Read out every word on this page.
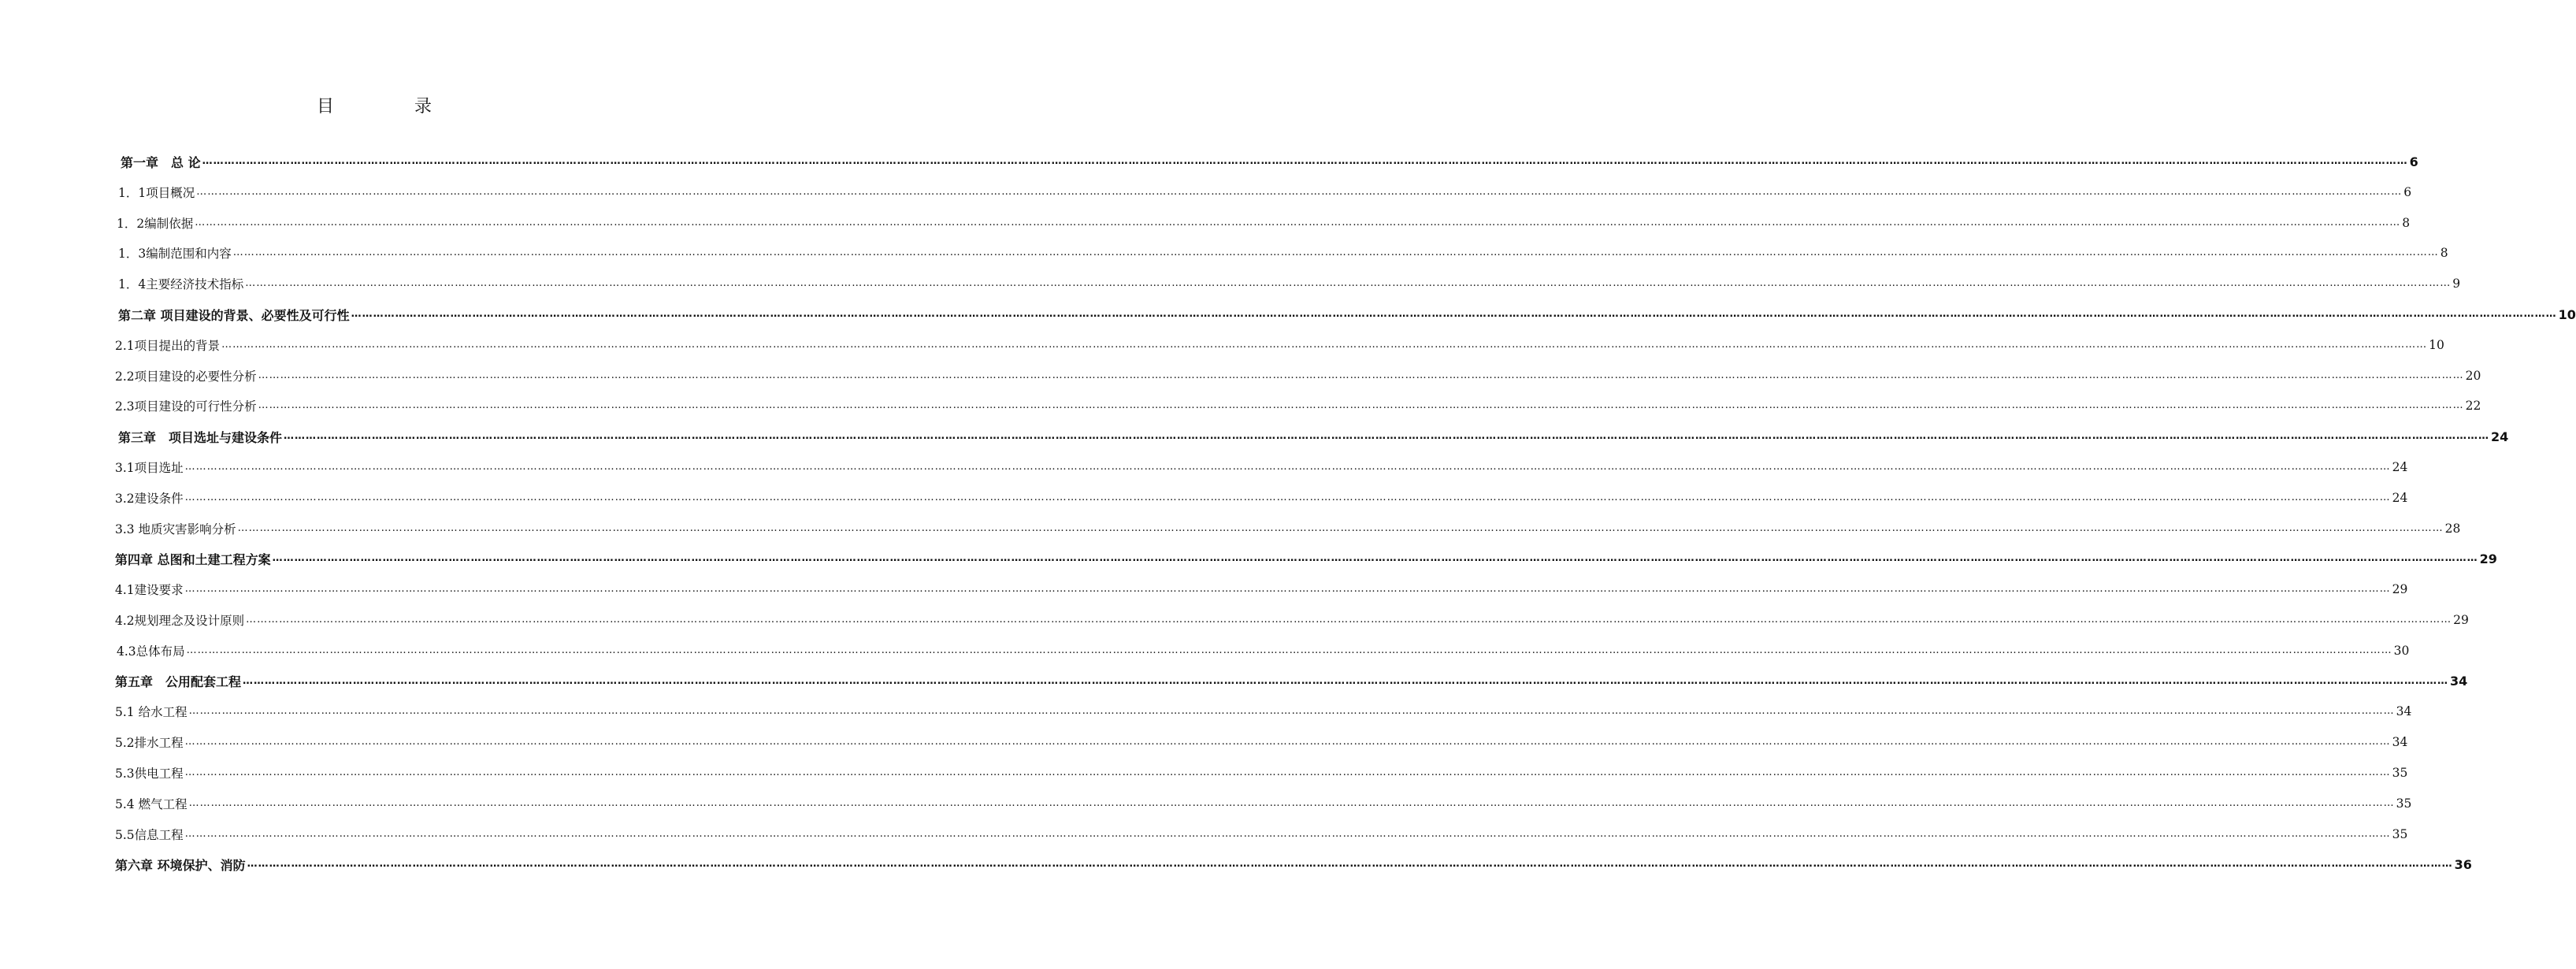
目　录
第一章　总 论 …………………………………………………………………………………………………………………………………………………………………………………………………………………………………………………………………………………………………………………………………………………………………………………………………………………………………………………………………………………………………………………………………………………… 6
1．1项目概况 …………………………………………………………………………………………………………………………………………………………………………………………………………………………………………………………………………………………………………………………………………………………………………………………………………………………………………………………………………………………………………………………………………………… 6
1．2编制依据 …………………………………………………………………………………………………………………………………………………………………………………………………………………………………………………………………………………………………………………………………………………………………………………………………………………………………………………………………………………………………………………………………………………… 8
1．3编制范围和内容 …………………………………………………………………………………………………………………………………………………………………………………………………………………………………………………………………………………………………………………………………………………………………………………………………………………………………………………………………………………………………………………………………………………… 8
1．4主要经济技术指标 …………………………………………………………………………………………………………………………………………………………………………………………………………………………………………………………………………………………………………………………………………………………………………………………………………………………………………………………………………………………………………………………………………………… 9
第二章 项目建设的背景、必要性及可行性 …………………………………………………………………………………………………………………………………………………………………………………………………………………………………………………………………………………………………………………………………………………………………………………………………………………………………………………………………………………………………………………………………………………… 10
2.1项目提出的背景 …………………………………………………………………………………………………………………………………………………………………………………………………………………………………………………………………………………………………………………………………………………………………………………………………………………………………………………………………………………………………………………………………………………… 10
2.2项目建设的必要性分析 …………………………………………………………………………………………………………………………………………………………………………………………………………………………………………………………………………………………………………………………………………………………………………………………………………………………………………………………………………………………………………………………………………………… 20
2.3项目建设的可行性分析 …………………………………………………………………………………………………………………………………………………………………………………………………………………………………………………………………………………………………………………………………………………………………………………………………………………………………………………………………………………………………………………………………………………… 22
第三章　项目选址与建设条件 …………………………………………………………………………………………………………………………………………………………………………………………………………………………………………………………………………………………………………………………………………………………………………………………………………………………………………………………………………………………………………………………………………………… 24
3.1项目选址 …………………………………………………………………………………………………………………………………………………………………………………………………………………………………………………………………………………………………………………………………………………………………………………………………………………………………………………………………………………………………………………………………………………… 24
3.2建设条件 …………………………………………………………………………………………………………………………………………………………………………………………………………………………………………………………………………………………………………………………………………………………………………………………………………………………………………………………………………………………………………………………………………………… 24
3.3 地质灾害影响分析 …………………………………………………………………………………………………………………………………………………………………………………………………………………………………………………………………………………………………………………………………………………………………………………………………………………………………………………………………………………………………………………………………………………… 28
第四章 总图和土建工程方案 …………………………………………………………………………………………………………………………………………………………………………………………………………………………………………………………………………………………………………………………………………………………………………………………………………………………………………………………………………………………………………………………………………………… 29
4.1建设要求 …………………………………………………………………………………………………………………………………………………………………………………………………………………………………………………………………………………………………………………………………………………………………………………………………………………………………………………………………………………………………………………………………………………… 29
4.2规划理念及设计原则 …………………………………………………………………………………………………………………………………………………………………………………………………………………………………………………………………………………………………………………………………………………………………………………………………………………………………………………………………………………………………………………………………………………… 29
4.3总体布局 …………………………………………………………………………………………………………………………………………………………………………………………………………………………………………………………………………………………………………………………………………………………………………………………………………………………………………………………………………………………………………………………………………………… 30
第五章　公用配套工程 …………………………………………………………………………………………………………………………………………………………………………………………………………………………………………………………………………………………………………………………………………………………………………………………………………………………………………………………………………………………………………………………………………………… 34
5.1 给水工程 …………………………………………………………………………………………………………………………………………………………………………………………………………………………………………………………………………………………………………………………………………………………………………………………………………………………………………………………………………………………………………………………………………………… 34
5.2排水工程 …………………………………………………………………………………………………………………………………………………………………………………………………………………………………………………………………………………………………………………………………………………………………………………………………………………………………………………………………………………………………………………………………………………… 34
5.3供电工程 …………………………………………………………………………………………………………………………………………………………………………………………………………………………………………………………………………………………………………………………………………………………………………………………………………………………………………………………………………………………………………………………………………………… 35
5.4 燃气工程 …………………………………………………………………………………………………………………………………………………………………………………………………………………………………………………………………………………………………………………………………………………………………………………………………………………………………………………………………………………………………………………………………………………… 35
5.5信息工程 …………………………………………………………………………………………………………………………………………………………………………………………………………………………………………………………………………………………………………………………………………………………………………………………………………………………………………………………………………………………………………………………………………………… 35
第六章 环境保护、消防 …………………………………………………………………………………………………………………………………………………………………………………………………………………………………………………………………………………………………………………………………………………………………………………………………………………………………………………………………………………………………………………………………………………… 36
